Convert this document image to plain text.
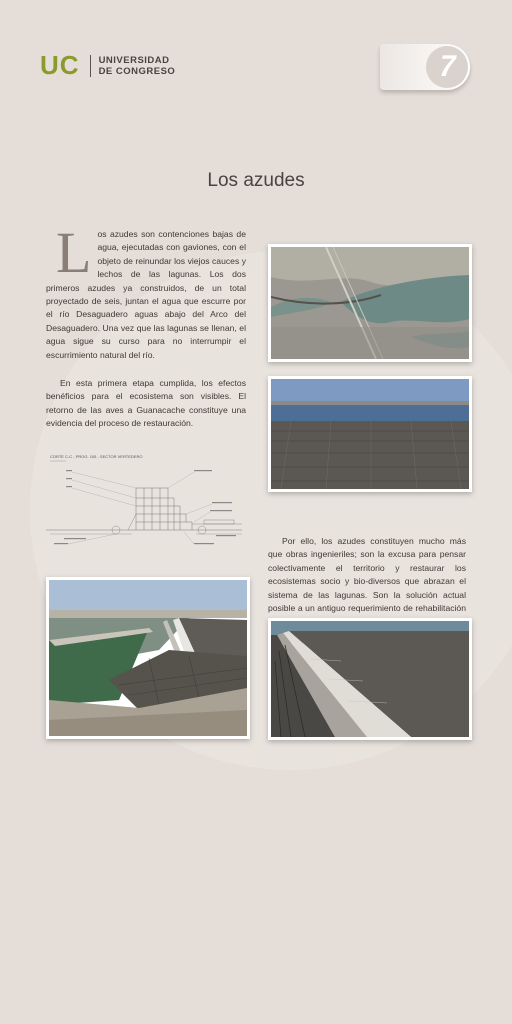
UC UNIVERSIDAD
DE CONGRESO	7
Los azudes
Los azudes son contenciones bajas de agua, ejecutadas con gaviones, con el objeto de reinundar los viejos cauces y lechos de las lagunas. Los dos primeros azudes ya construidos, de un total proyectado de seis, juntan el agua que escurre por el río Desaguadero aguas abajo del Arco del Desaguadero. Una vez que las lagunas se llenan, el agua sigue su curso para no interrumpir el escurrimiento natural del río.
En esta primera etapa cumplida, los efectos benéficios para el ecosistema son visibles. El retorno de las aves a Guanacache constituye una evidencia del proceso de restauración.
Por ello, los azudes constituyen mucho más que obras ingenieriles; son la excusa para pensar colectivamente el territorio y restaurar los ecosistemas socio y bio-diversos que abrazan el sistema de las lagunas. Son la solución actual posible a un antiguo requerimiento de rehabilitación
CORTE C-C - PROG. 105 - SECTOR VERTEDERO
